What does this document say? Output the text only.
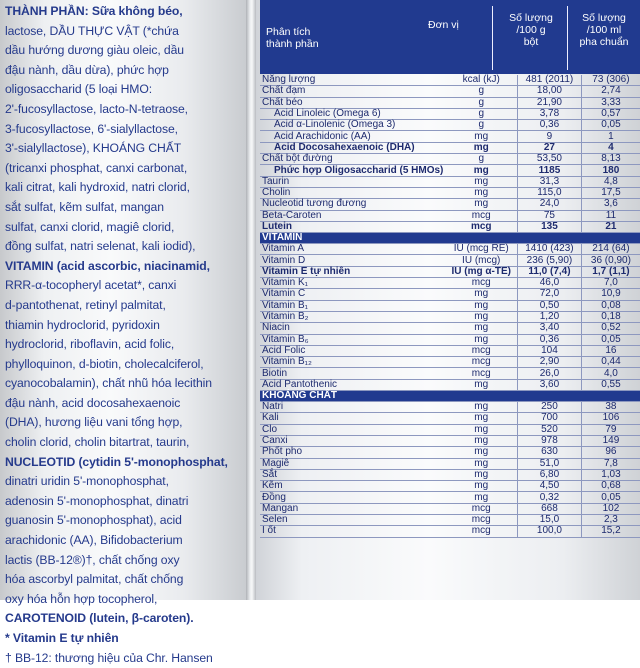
THÀNH PHẦN: Sữa không béo,
lactose, DẦU THỰC VẬT (*chứa
dầu hướng dương giàu oleic, dầu
đậu nành, dầu dừa), phức hợp
oligosaccharid (5 loại HMO:
2'-fucosyllactose, lacto-N-tetraose,
3-fucosyllactose, 6'-sialyllactose,
3'-sialyllactose), KHOÁNG CHẤT
(tricanxi phosphat, canxi carbonat,
kali citrat, kali hydroxid, natri clorid,
sắt sulfat, kẽm sulfat, mangan
sulfat, canxi clorid, magiê clorid,
đồng sulfat, natri selenat, kali iodid),
VITAMIN (acid ascorbic, niacinamid,
RRR-α-tocopheryl acetat*, canxi
d-pantothenat, retinyl palmitat,
thiamin hydroclorid, pyridoxin
hydroclorid, riboflavin, acid folic,
phylloquinon, d-biotin, cholecalciferol,
cyanocobalamin), chất nhũ hóa lecithin
đậu nành, acid docosahexaenoic
(DHA), hương liệu vani tổng hợp,
cholin clorid, cholin bitartrat, taurin,
NUCLEOTID (cytidin 5'-monophosphat,
dinatri uridin 5'-monophosphat,
adenosin 5'-monophosphat, dinatri
guanosin 5'-monophosphat), acid
arachidonic (AA), Bifidobacterium
lactis (BB-12®)†, chất chống oxy
hóa ascorbyl palmitat, chất chống
oxy hóa hỗn hợp tocopherol,
CAROTENOID (lutein, β-caroten).
* Vitamin E tự nhiên
† BB-12: thương hiệu của Chr. Hansen
Phân tích
thành phần
Đơn vị
Số lượng
/100 g
bột
Số lượng
/100 ml
pha chuẩn
Năng lượng	kcal (kJ)	481 (2011)	73 (306)
Chất đạm	g	18,00	2,74
Chất béo	g	21,90	3,33
Acid Linoleic (Omega 6)	g	3,78	0,57
Acid α-Linolenic (Omega 3)	g	0,36	0,05
Acid Arachidonic (AA)	mg	9	1
Acid Docosahexaenoic (DHA)	mg	27	4
Chất bột đường	g	53,50	8,13
Phức hợp Oligosaccharid (5 HMOs)	mg	1185	180
Taurin	mg	31,3	4,8
Cholin	mg	115,0	17,5
Nucleotid tương đương	mg	24,0	3,6
Beta-Caroten	mcg	75	11
Lutein	mcg	135	21
VITAMIN			
Vitamin A	IU (mcg RE)	1410 (423)	214 (64)
Vitamin D	IU (mcg)	236 (5,90)	36 (0,90)
Vitamin E tự nhiên	IU (mg α-TE)	11,0 (7,4)	1,7 (1,1)
Vitamin K₁	mcg	46,0	7,0
Vitamin C	mg	72,0	10,9
Vitamin B₁	mg	0,50	0,08
Vitamin B₂	mg	1,20	0,18
Niacin	mg	3,40	0,52
Vitamin B₆	mg	0,36	0,05
Acid Folic	mcg	104	16
Vitamin B₁₂	mcg	2,90	0,44
Biotin	mcg	26,0	4,0
Acid Pantothenic	mg	3,60	0,55
KHOÁNG CHẤT			
Natri	mg	250	38
Kali	mg	700	106
Clo	mg	520	79
Canxi	mg	978	149
Phốt pho	mg	630	96
Magiê	mg	51,0	7,8
Sắt	mg	6,80	1,03
Kẽm	mg	4,50	0,68
Đồng	mg	0,32	0,05
Mangan	mcg	668	102
Selen	mcg	15,0	2,3
I ốt	mcg	100,0	15,2
